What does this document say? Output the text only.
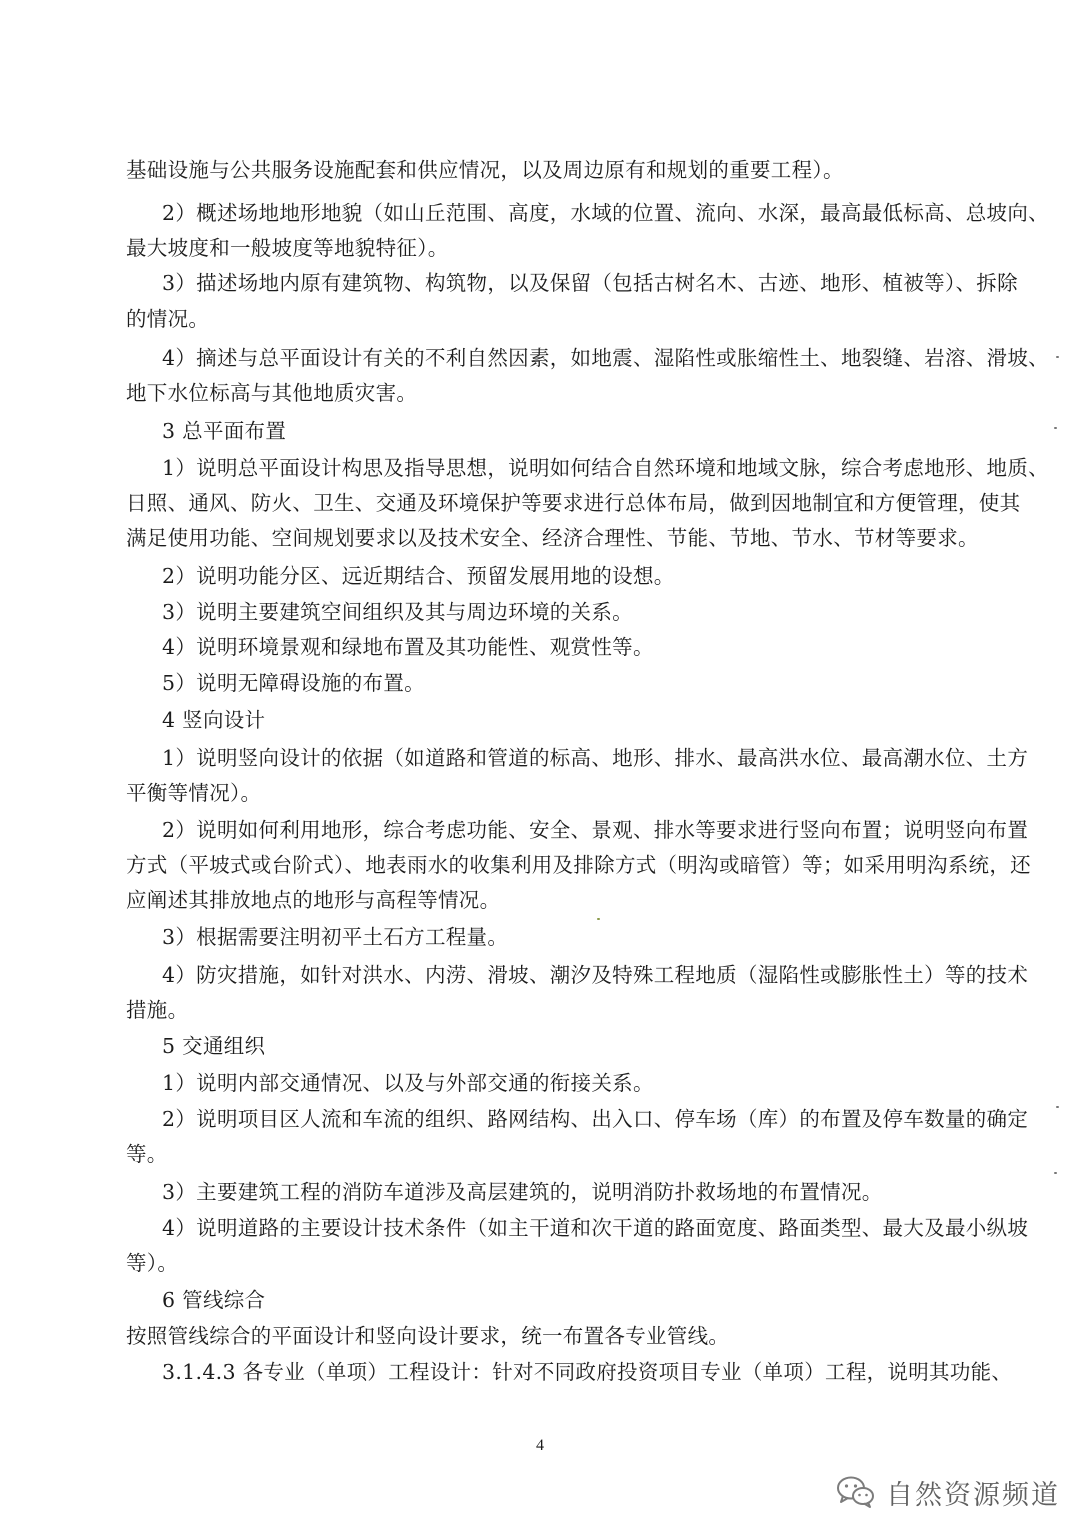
基础设施与公共服务设施配套和供应情况，以及周边原有和规划的重要工程）。
2）概述场地地形地貌（如山丘范围、高度，水域的位置、流向、水深，最高最低标高、总坡向、
最大坡度和一般坡度等地貌特征）。
3）描述场地内原有建筑物、构筑物，以及保留（包括古树名木、古迹、地形、植被等）、拆除
的情况。
4）摘述与总平面设计有关的不利自然因素，如地震、湿陷性或胀缩性土、地裂缝、岩溶、滑坡、
地下水位标高与其他地质灾害。
3 总平面布置
1）说明总平面设计构思及指导思想，说明如何结合自然环境和地域文脉，综合考虑地形、地质、
日照、通风、防火、卫生、交通及环境保护等要求进行总体布局，做到因地制宜和方便管理，使其
满足使用功能、空间规划要求以及技术安全、经济合理性、节能、节地、节水、节材等要求。
2）说明功能分区、远近期结合、预留发展用地的设想。
3）说明主要建筑空间组织及其与周边环境的关系。
4）说明环境景观和绿地布置及其功能性、观赏性等。
5）说明无障碍设施的布置。
4 竖向设计
1）说明竖向设计的依据（如道路和管道的标高、地形、排水、最高洪水位、最高潮水位、土方
平衡等情况）。
2）说明如何利用地形，综合考虑功能、安全、景观、排水等要求进行竖向布置；说明竖向布置
方式（平坡式或台阶式）、地表雨水的收集利用及排除方式（明沟或暗管）等；如采用明沟系统，还
应阐述其排放地点的地形与高程等情况。
3）根据需要注明初平土石方工程量。
4）防灾措施，如针对洪水、内涝、滑坡、潮汐及特殊工程地质（湿陷性或膨胀性土）等的技术
措施。
5 交通组织
1）说明内部交通情况、以及与外部交通的衔接关系。
2）说明项目区人流和车流的组织、路网结构、出入口、停车场（库）的布置及停车数量的确定
等。
3）主要建筑工程的消防车道涉及高层建筑的，说明消防扑救场地的布置情况。
4）说明道路的主要设计技术条件（如主干道和次干道的路面宽度、路面类型、最大及最小纵坡
等）。
6 管线综合
按照管线综合的平面设计和竖向设计要求，统一布置各专业管线。
3.1.4.3 各专业（单项）工程设计：针对不同政府投资项目专业（单项）工程，说明其功能、
4
自然资源频道
